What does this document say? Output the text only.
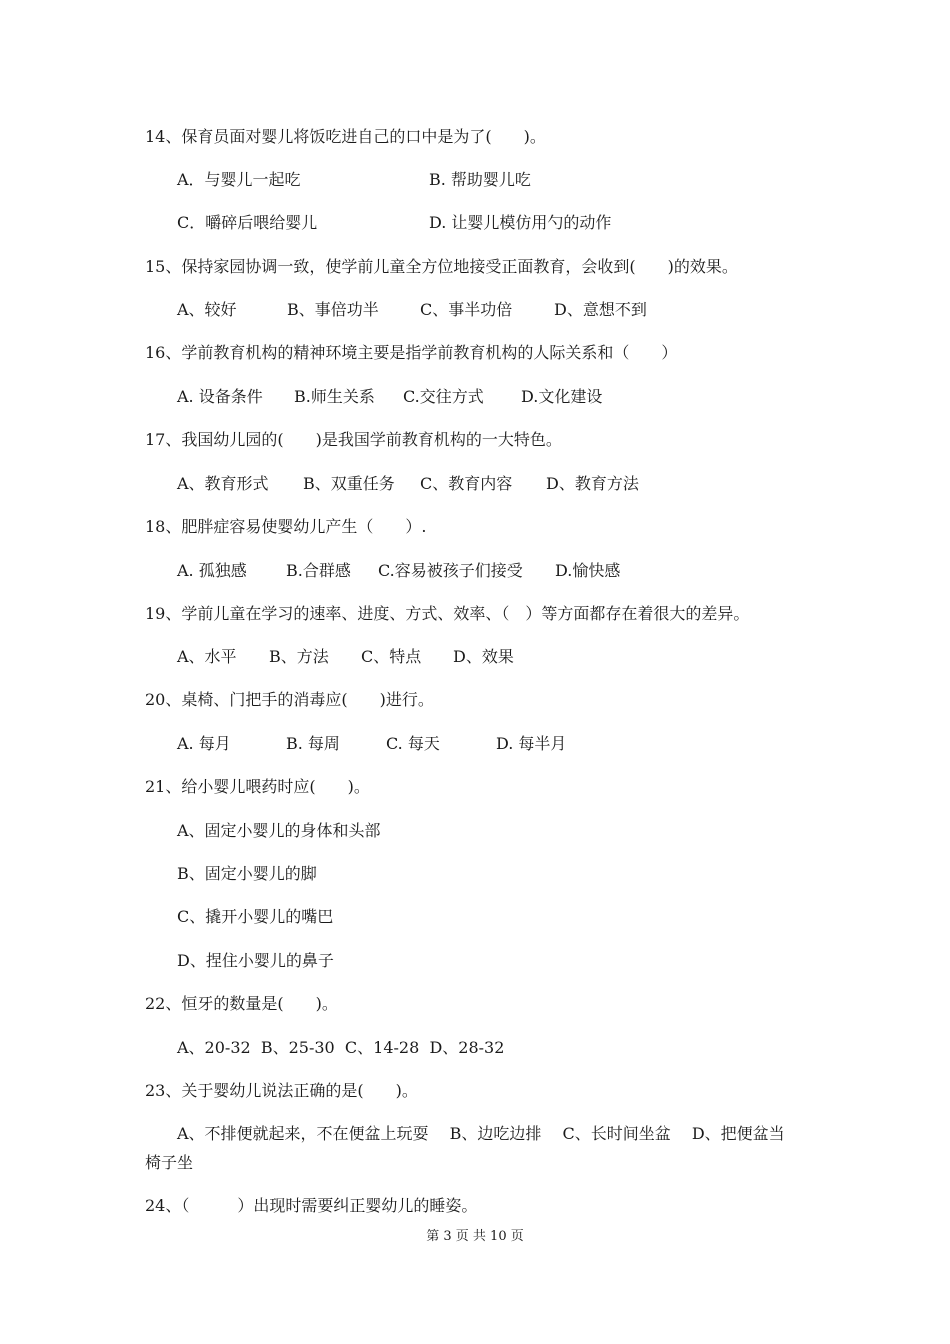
14、保育员面对婴儿将饭吃进自己的口中是为了(　　)。
A．与婴儿一起吃	B. 帮助婴儿吃
C．嚼碎后喂给婴儿	D. 让婴儿模仿用勺的动作
15、保持家园协调一致，使学前儿童全方位地接受正面教育，会收到(　　)的效果。
A、较好	B、事倍功半	C、事半功倍	D、意想不到
16、学前教育机构的精神环境主要是指学前教育机构的人际关系和（　　）
A. 设备条件 B.师生关系 C.交往方式 D.文化建设
17、我国幼儿园的(　　)是我国学前教育机构的一大特色。
A、教育形式 B、双重任务 C、教育内容 D、教育方法
18、肥胖症容易使婴幼儿产生（　　）.
A. 孤独感 B.合群感 C.容易被孩子们接受 D.愉快感
19、学前儿童在学习的速率、进度、方式、效率、（　）等方面都存在着很大的差异。
A、水平 B、方法 C、特点 D、效果
20、桌椅、门把手的消毒应(　　)进行。
A. 每月	B. 每周	C. 每天	D. 每半月
21、给小婴儿喂药时应(　　)。
A、固定小婴儿的身体和头部
B、固定小婴儿的脚
C、撬开小婴儿的嘴巴
D、捏住小婴儿的鼻子
22、恒牙的数量是(　　)。
A、20-32  B、25-30  C、14-28  D、28-32
23、关于婴幼儿说法正确的是(　　)。
A、不排便就起来，不在便盆上玩耍　 B、边吃边排　 C、长时间坐盆　 D、把便盆当
椅子坐
24、（　　　）出现时需要纠正婴幼儿的睡姿。
第 3 页 共 10 页
